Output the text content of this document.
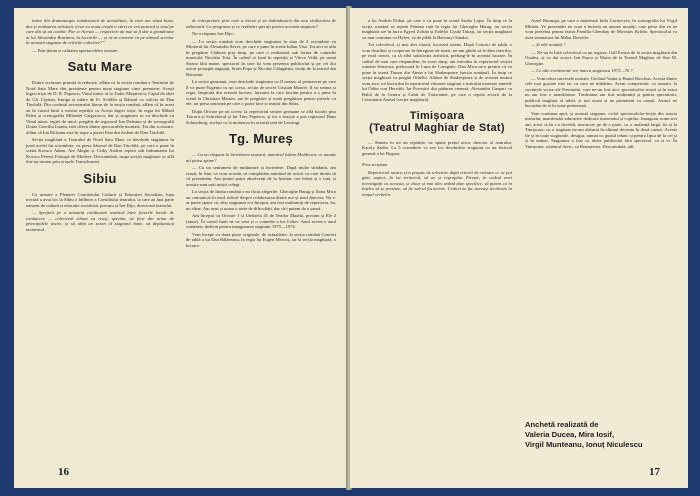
tative din dramaturgia românească de actualitate, în care am văzut bune, dar și realizarea artistică, ni-ar ca noua creații a cărei ne eră punctul și noul pe care din să un cuvânt: Par ce Acesta — respective an mai ai fi dar a grandioase ai lui Alexandru Bratianu, în lucrările — și ni-ar conveni ca pe ultimul scriitor în această stagiune de criticile colective?”

— Prin ținuta și calitatea spectacolelor noastre.

Satu Mare

Dintre scrisoare primită la redacție, aflăm că la secția română a Teatrului de Nord Satu Mare sînt prevăzute pentru noua stagiune cinci premiere: Acești îngeri triști de D. R. Popescu, Vinul nimic al la Tudor Mușatescu, Capul de răței de Gh. Ciprian, Intriga și iubire de Fr. Schiller și Băiatul cu colivia de Dan Tărchilă. Din cuvîntul secretarului literar de la secția română, aflăm că în acest an în cursul lunii a existat repetiții cu Acești îngeri triști, în regia lui Mihail Paleu și scenografia Mihaelei Grigorescu, dar și stagiunea se va deschide cu Vinul nimic regiei de mică, pregătit de regizorul Ion Deleanu și de scenografii Doina Gavriliu Ioanin, iată cîteva dintre spectacolele montate. Tot din scrisoare, aflăm că Ion Deleanu este în regie a piesei Fata din Ardeni de Dan Tărchilă.

Secția maghiară a Teatrului de Nord Satu Mare va deschide stagiunea în jurul acelei lui octombrie, cu piesa Săracul de Dan Tărchilă, pe care o pune în scenă Kovacs Adam. Are Abigin și Csiky Andras repetă sub îndrumarea lui Kovacs Ferenc Fartuşțe de Moliere. Deocamdată, trupa secției maghiare se află într-un turneu prin orașele Transilvaniei.

Sibiu

Ca urmare a Plenarei Comitetului Culturii și Educației Socialiste, luna trecută a avut loc la Sibiu o întîlnire a Consiliului teatrului, la care au luat parte oameni de cultură și educație socialistă, precum și Ion Dijo, directorul teatrului.

— Sprijinit pe o anumită colaborare trainică între forurile locale de conducere — colectivul sibian va reuși, sperăm, să fiesi din urma de principalele teatre, și să aibă un sezon al stagiunii bune, să depășească momentul.

de interpretare prin care a trecut și să dobîndească din nou strălucirea de odinioară. Ce programe și ce realizări sperați pentru această stagiune?

Ne-a răspuns Ion Dijo :

— La secția română vom deschide stagiunea în ziua de 2 octombrie cu Mesterul lui Alexandru Sever, pe care o pune în scenă Iulian Visa. Tot aici se afla în pregătire Căderea prin timp, pe care o realizează sub forma de comedie muzicală Nicoleta Toia. În cadrul ei lună în repetiții și Vârcu Vedă, pe urmă Strana fără nume, spectacol în care își vom prezenta publicului și pe cei doi actori proaspăt angajați, Sorin Popa și Nicolae Călugărița, veniți de la teatrul din Botoșani.

La secția germană, vom deschide stagiunea cu Il mezzo al primavera pe care îl va pune Eugenio cu un corso, secția de secret Cristian Maurer. Il va semna și regia. Inspirată din această lucrare, lucrarea la care lucrăm pentru a o pune în scenă la Christian Maurer, are în pregătire și toată pregătirea pentru piesele cu ele, iar piesa urmează pe care o poate face și teatrul din Sibiu.

După Oricare pe un cover, la repertoriul secției germane se află lucrări pisa Tracera și Schreberul și lui Tino Popescu, și tot o reacție a pus regizorul Hans Schuschnig, același ca la montarea în această țară de Lessingi.

Tg. Mureș

— Ca un răspuns la întrebarea noastră, maestrul Iulian Moldovan, ce anume ați putea spune?

— Cu un sentiment de mulțumire și încredere. După multe strădanii, am reușit, în fine, ca vom acorda, să completăm numărul de actori cu care dorim să vă prezentăm. Am primit patru absolvenți de la Institut, trei băieți și o fată, și aceștia sunt noii noștri colegi.

La secția de limba română s-au făcut alegerile. Gheorghe Harag și Ilona Mica au comunicat în mod ridicol despre colaborarea dintre noi și noul director. Nu s-ar putea spune că, deși stagiunea n-a început, am fost mulțumiți de repertoriu, ba, nu chiar. Am avut și acum o serie de dificultăți, dar să-i putem da o șansă.

Am început cu Oricare 1 și Umbrela 45 de Teodor Mazilu, precum și Ele 2 (iunie). În cursul lunii ne va veni și o comedie a lui Cehov. Anul acesta e anul românesc dedicat pentru inaugurarea stagiunii 1975—1976.

Vom începe cu două piese originale, de actualitate: la secția română Concert de tablă a lui Dan Bălăreanu, în regia lui Eugen Mercuș, iar la secția maghiară, o lucrare.

16

a lui András Dobai, pe care o va pune în scenă Szabo Lajos. În timp ce la secția română se repetă Paiuma rață în regia lui Gheorghe Harag, iar secția maghiară are în lucru Egyed Zoltán și Erdélyi Gyula Tokaji, iar secția maghiară va mai continua cu Hyber, ca de pildă la Hatvanyi Sándor.

Tot colectivul, și mai ales tinerii, lucrează intens. După Concert de tablă, o vom distribui și cooperare în întregime de tineri, ne-am gîndit să le dăm tinerilor, pe noul sezon, ca să aibă satisfacția artistică, prelung-le în această lucrare. În cadrul de mai care răspundem, în acest timp, am introdus în repertoriul secției române Senzoria, prelucrată în Luna de Caragiale. Dan Mica ne-a promis că va pune în scenă Timon din Atena a lui Shakespeare (secția română). În timp ce secția maghiară va pregăti Othello. Alături de Shakespeare și de această muncă vom zice, tot încercăm în repertoriul viitoarei stagiuni a teatrului montare numele lui Ödön von Horváth. Iar Poveștiri din pădurea vieneză, Alexandru Gaspari cu Balul de la Centru și Calul de Tratwaniei, pe care o repetă actorii de la Constantin Anatol (secția maghiară).

Timișoara
(Teatrul Maghiar de Stat)

— Sîntem în tot un repetiție, ne spune prețul actor, director al teatrului, Karoly Szabo. La 5 octombrie va ave loc deschidere stagiunii cu un festival general a lui Bognar.

Post scriptum

Repertoriul nostru și-a propus să selecteze după criterii de valoare ce se pot găsi, aspect, în tot teritoriul, să ne și regrupăm. Firește, în cadrul unei investigații ca aceasta, și chiar și mai ales având date specifice, să putem ca în înțeles să se prezinte: să fie sub-ul fiu nevoie. Criticii ne fac aceeași recitivare în timpul verbelor.

Aurel Burunga, pe care o montează Iuliu Cornovyes, în scenografia lui Virgil Mihăiu. Ye prezentări ne vom a încheia an anume noutăți, care piese din ea ne vom prezenta pentru teatru Familia Glembay de Miroslav Krleža. Spectacolul va avea semnatura lui Mihai Dreszler.

— Și alte noutăți ?

— Ne-au în listă colectivul cu un regizor, Gall Ernest de la secția maghiară din Oradea, și cu doi actori: Ion Pașcu și Maria de la Teatrul Maghiar de Stat M. Gheorghe.

— Ce alte evenimente vor marca stagiunea 1975—76 ?

— Vom relua succesele noastre, Unchiul Vania și Bunul Bacchus. Acesta dintre cele mai gustate este iar cu care ne mîndrim. Avem compensări, ca urmare, la cuvintele scrise ale Premiului, care ne-au fost aici, spectatorilor noștri și în seara nu am fost o manifestare. Totdeauna am fost mulțumiți și pentru spectatorii, publicul maghiar al urbei, și noi acum și ne promitem cu orașul. Atunci ne bucurăm de ei în toate prietenești.

Vom continua apoi, și această stagiune, ciclul spectacolelor-lecție din istoria teatrului, manifestări educative dedicate tineretului și copiilor. Inaugurat acum trei ani, acest ciclu s-a dovedit, instructiv pe de o parte, cu o audiență largă, fie și la Timișoara; cu o stagiune ne-am alăturat în ultimul deceniu în două cazuri. Aceste fie și în toate stagiunile, desigur, numai cu gustul tehnic și pentru lipsa de la cel și și în numai. Stagiunea a fost cu ideea publicului fără spectacol, ca și ei. În Timișoara, sistemul firesc, ca Renașterea. Deocamdată, atît.

Anchetă realizată de
Valeria Ducea, Mira Iosif,
Virgil Munteanu, Ionuț Niculescu
17
